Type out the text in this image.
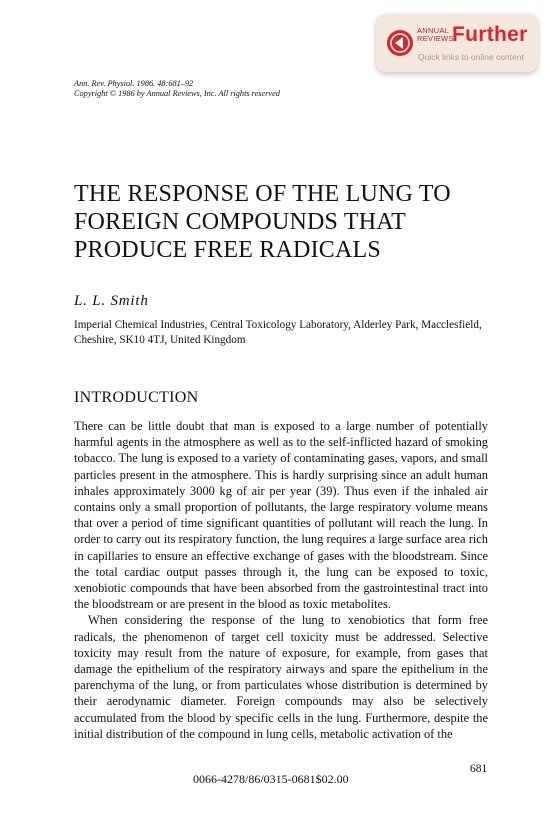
ANNUAL
REVIEWS
Further
Quick links to online content
Ann. Rev. Physiol. 1986. 48:681–92
Copyright © 1986 by Annual Reviews, Inc. All rights reserved
THE RESPONSE OF THE LUNG TO
FOREIGN COMPOUNDS THAT
PRODUCE FREE RADICALS
L. L. Smith
Imperial Chemical Industries, Central Toxicology Laboratory, Alderley Park, Macclesfield, Cheshire, SK10 4TJ, United Kingdom
INTRODUCTION

There can be little doubt that man is exposed to a large number of potentially harmful agents in the atmosphere as well as to the self-inflicted hazard of smoking tobacco. The lung is exposed to a variety of contaminating gases, vapors, and small particles present in the atmosphere. This is hardly surprising since an adult human inhales approximately 3000 kg of air per year (39). Thus even if the inhaled air contains only a small proportion of pollutants, the large respiratory volume means that over a period of time significant quantities of pollutant will reach the lung. In order to carry out its respiratory function, the lung requires a large surface area rich in capillaries to ensure an effective exchange of gases with the bloodstream. Since the total cardiac output passes through it, the lung can be exposed to toxic, xenobiotic compounds that have been absorbed from the gastrointestinal tract into the bloodstream or are present in the blood as toxic metabolites.

When considering the response of the lung to xenobiotics that form free radicals, the phenomenon of target cell toxicity must be addressed. Selective toxicity may result from the nature of exposure, for example, from gases that damage the epithelium of the respiratory airways and spare the epithelium in the parenchyma of the lung, or from particulates whose distribution is determined by their aerodynamic diameter. Foreign compounds may also be selectively accumulated from the blood by specific cells in the lung. Furthermore, despite the initial distribution of the compound in lung cells, metabolic activation of the

681
0066-4278/86/0315-0681$02.00
